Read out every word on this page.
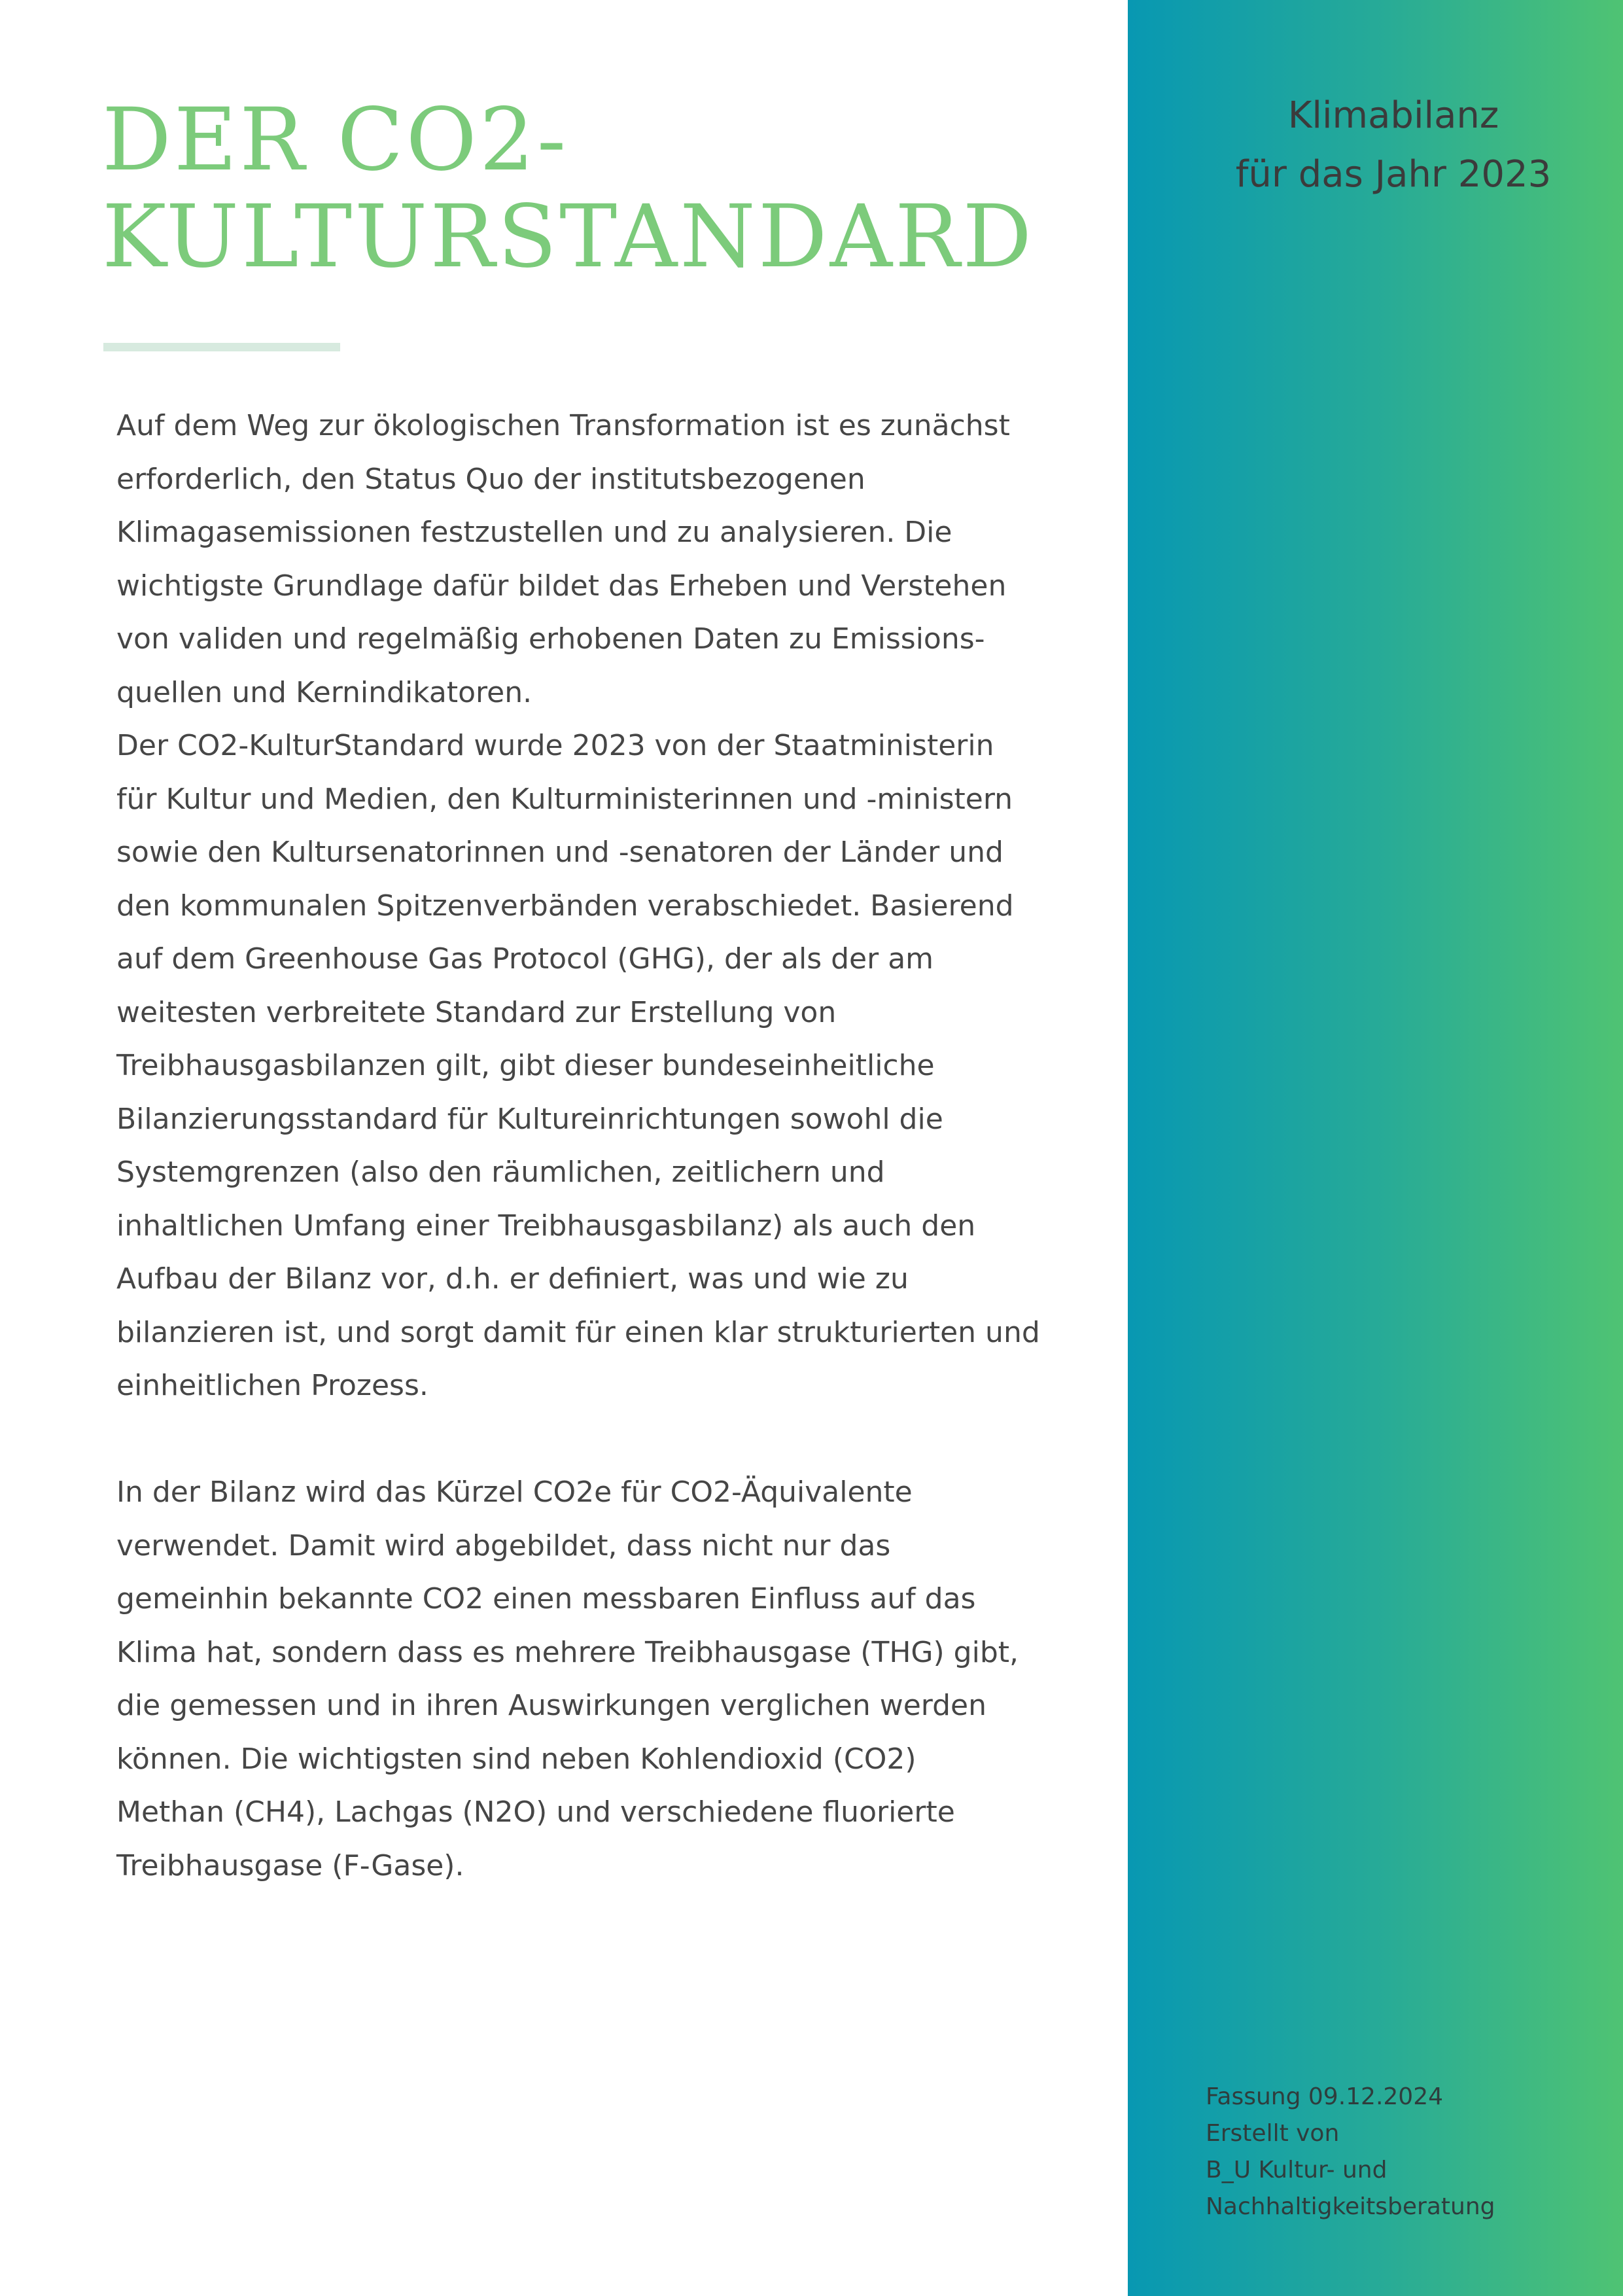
DER CO2-
KULTURSTANDARD
Auf dem Weg zur ökologischen Transformation ist es zunächst
erforderlich, den Status Quo der institutsbezogenen
Klimagasemissionen festzustellen und zu analysieren. Die
wichtigste Grundlage dafür bildet das Erheben und Verstehen
von validen und regelmäßig erhobenen Daten zu Emissions-
quellen und Kernindikatoren.
Der CO2-KulturStandard wurde 2023 von der Staatministerin
für Kultur und Medien, den Kulturministerinnen und -ministern
sowie den Kultursenatorinnen und -senatoren der Länder und
den kommunalen Spitzenverbänden verabschiedet. Basierend
auf dem Greenhouse Gas Protocol (GHG), der als der am
weitesten verbreitete Standard zur Erstellung von
Treibhausgasbilanzen gilt, gibt dieser bundeseinheitliche
Bilanzierungsstandard für Kultureinrichtungen sowohl die
Systemgrenzen (also den räumlichen, zeitlichern und
inhaltlichen Umfang einer Treibhausgasbilanz) als auch den
Aufbau der Bilanz vor, d.h. er definiert, was und wie zu
bilanzieren ist, und sorgt damit für einen klar strukturierten und
einheitlichen Prozess.
In der Bilanz wird das Kürzel CO2e für CO2-Äquivalente
verwendet. Damit wird abgebildet, dass nicht nur das
gemeinhin bekannte CO2 einen messbaren Einfluss auf das
Klima hat, sondern dass es mehrere Treibhausgase (THG) gibt,
die gemessen und in ihren Auswirkungen verglichen werden
können. Die wichtigsten sind neben Kohlendioxid (CO2)
Methan (CH4), Lachgas (N2O) und verschiedene fluorierte
Treibhausgase (F-Gase).
Klimabilanz
für das Jahr 2023
Fassung 09.12.2024
Erstellt von
B_U Kultur- und
Nachhaltigkeitsberatung
